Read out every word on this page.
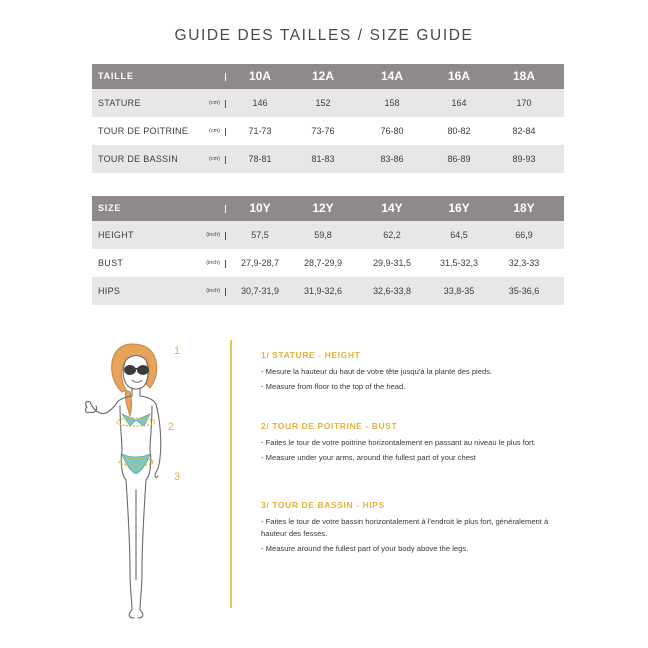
GUIDE DES TAILLES / SIZE GUIDE
TAILLE	10A	12A	14A	16A	18A
STATURE	(cm)	146	152	158	164	170
TOUR DE POITRINE	(cm)	71-73	73-76	76-80	80-82	82-84
TOUR DE BASSIN	(cm)	78-81	81-83	83-86	86-89	89-93
SIZE	10Y	12Y	14Y	16Y	18Y
HEIGHT	(inch)	57,5	59,8	62,2	64,5	66,9
BUST	(inch)	27,9-28,7	28,7-29,9	29,9-31,5	31,5-32,3	32,3-33
HIPS	(inch)	30,7-31,9	31,9-32,6	32,6-33,8	33,8-35	35-36,6
1
2
3
1/ STATURE - HEIGHT
- Mesure la hauteur du haut de votre tête jusqu'à la plante des pieds.
- Measure from floor to the top of the head.
2/ TOUR DE POITRINE - BUST
- Faites le tour de votre poitrine horizontalement en passant au niveau le plus fort.
- Measure under your arms, around the fullest part of your chest
3/ TOUR DE BASSIN - HIPS
- Faites le tour de votre bassin horizontalement à l'endroit le plus fort, généralement à hauteur des fesses.
- Measure around the fullest part of your body above the legs.
